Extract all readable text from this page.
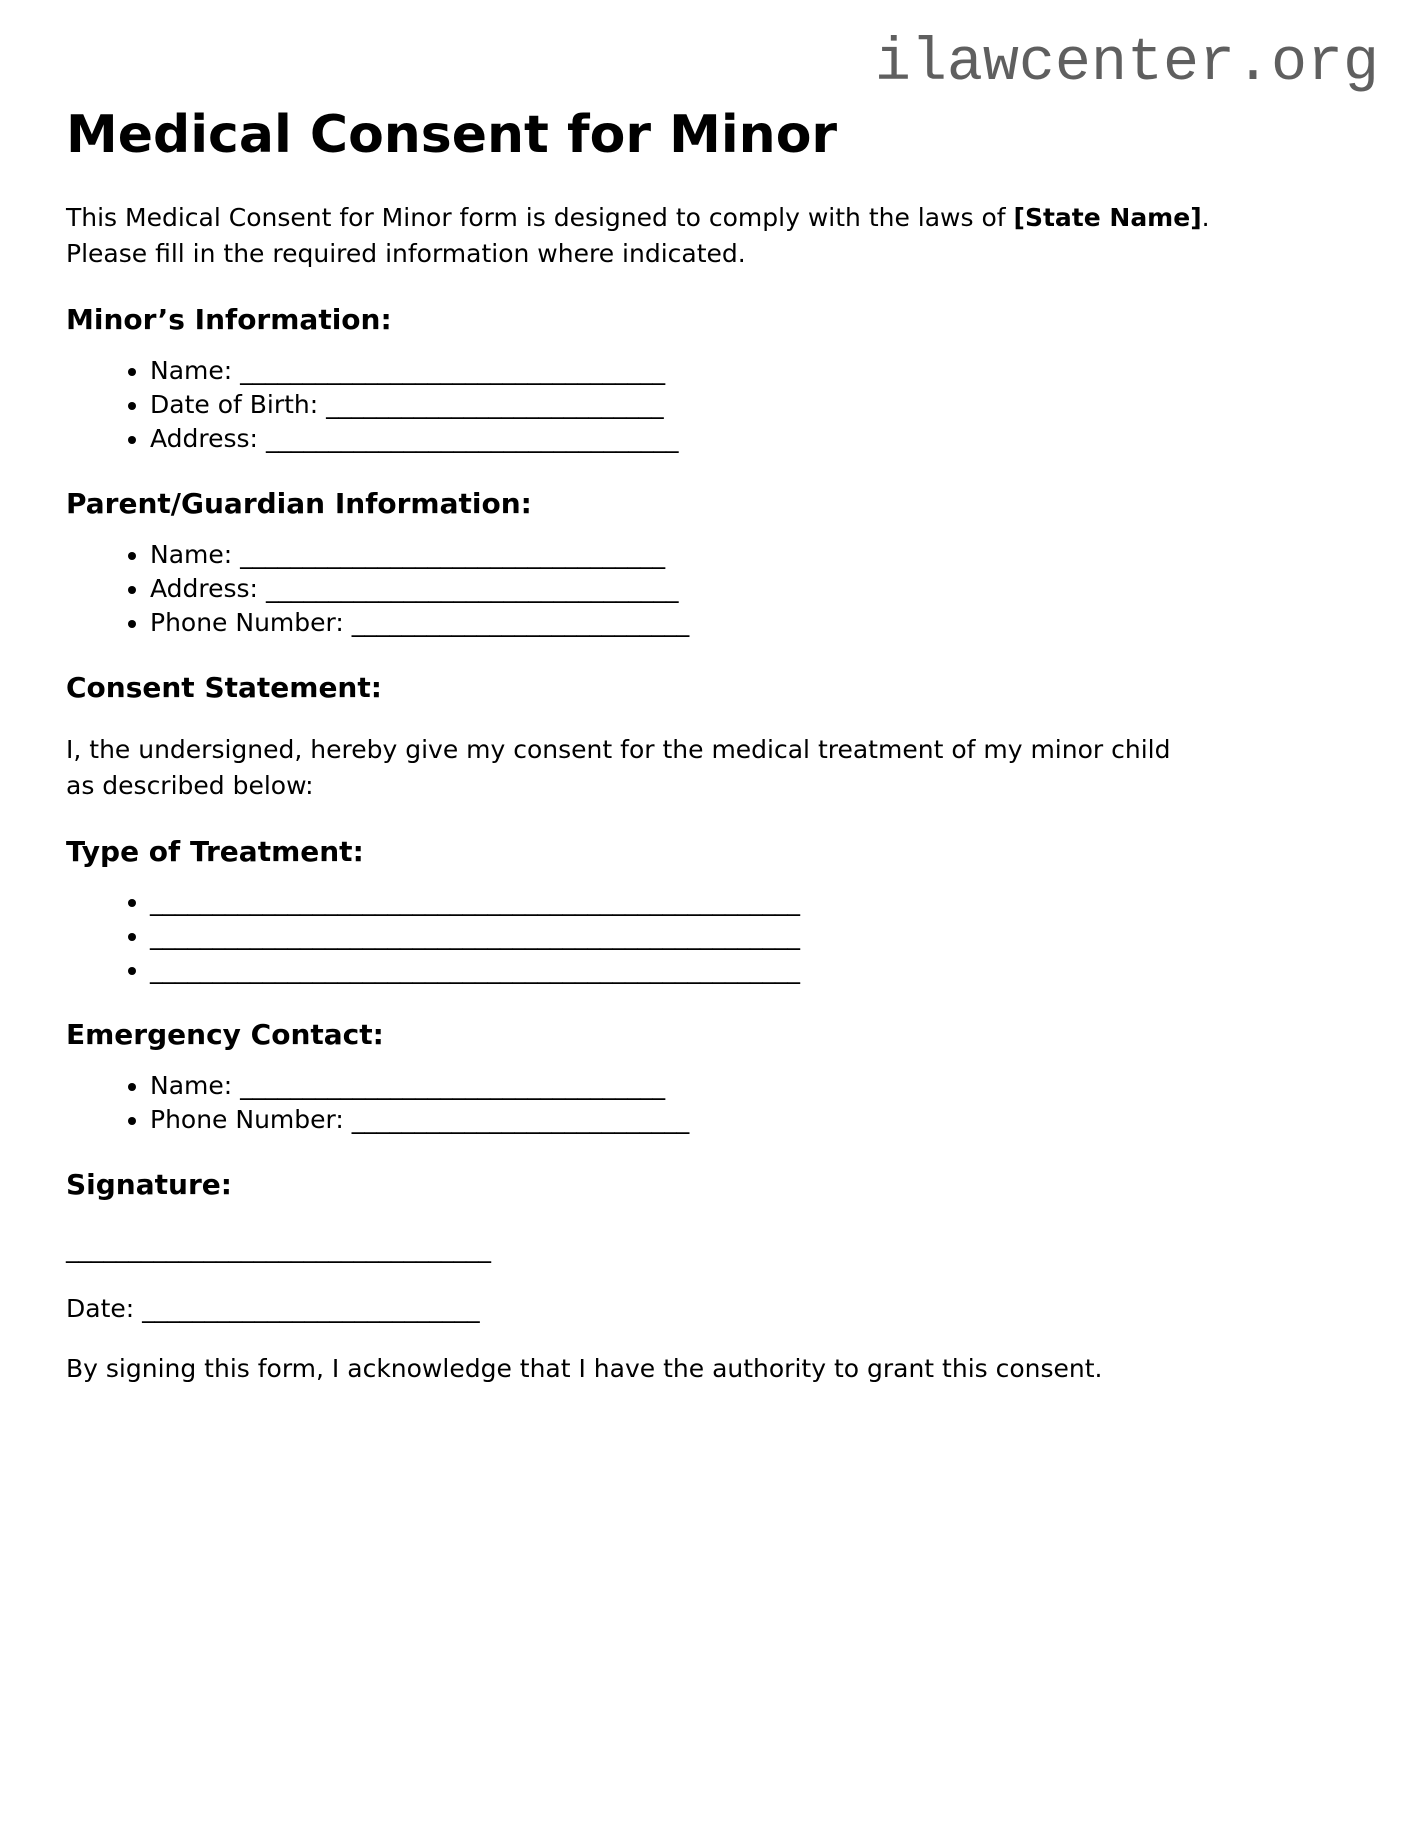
ilawcenter.org
Medical Consent for Minor

This Medical Consent for Minor form is designed to comply with the laws of [State Name]. Please fill in the required information where indicated.

Minor’s Information:
• Name: __________________________________
• Date of Birth: ___________________________
• Address: _________________________________
Parent/Guardian Information:
• Name: __________________________________
• Address: _________________________________
• Phone Number: ___________________________
Consent Statement:

I, the undersigned, hereby give my consent for the medical treatment of my minor child as described below:

Type of Treatment:
• ____________________________________________________
• ____________________________________________________
• ____________________________________________________
Emergency Contact:
• Name: __________________________________
• Phone Number: ___________________________

Signature:

__________________________________

Date: ___________________________

By signing this form, I acknowledge that I have the authority to grant this consent.
